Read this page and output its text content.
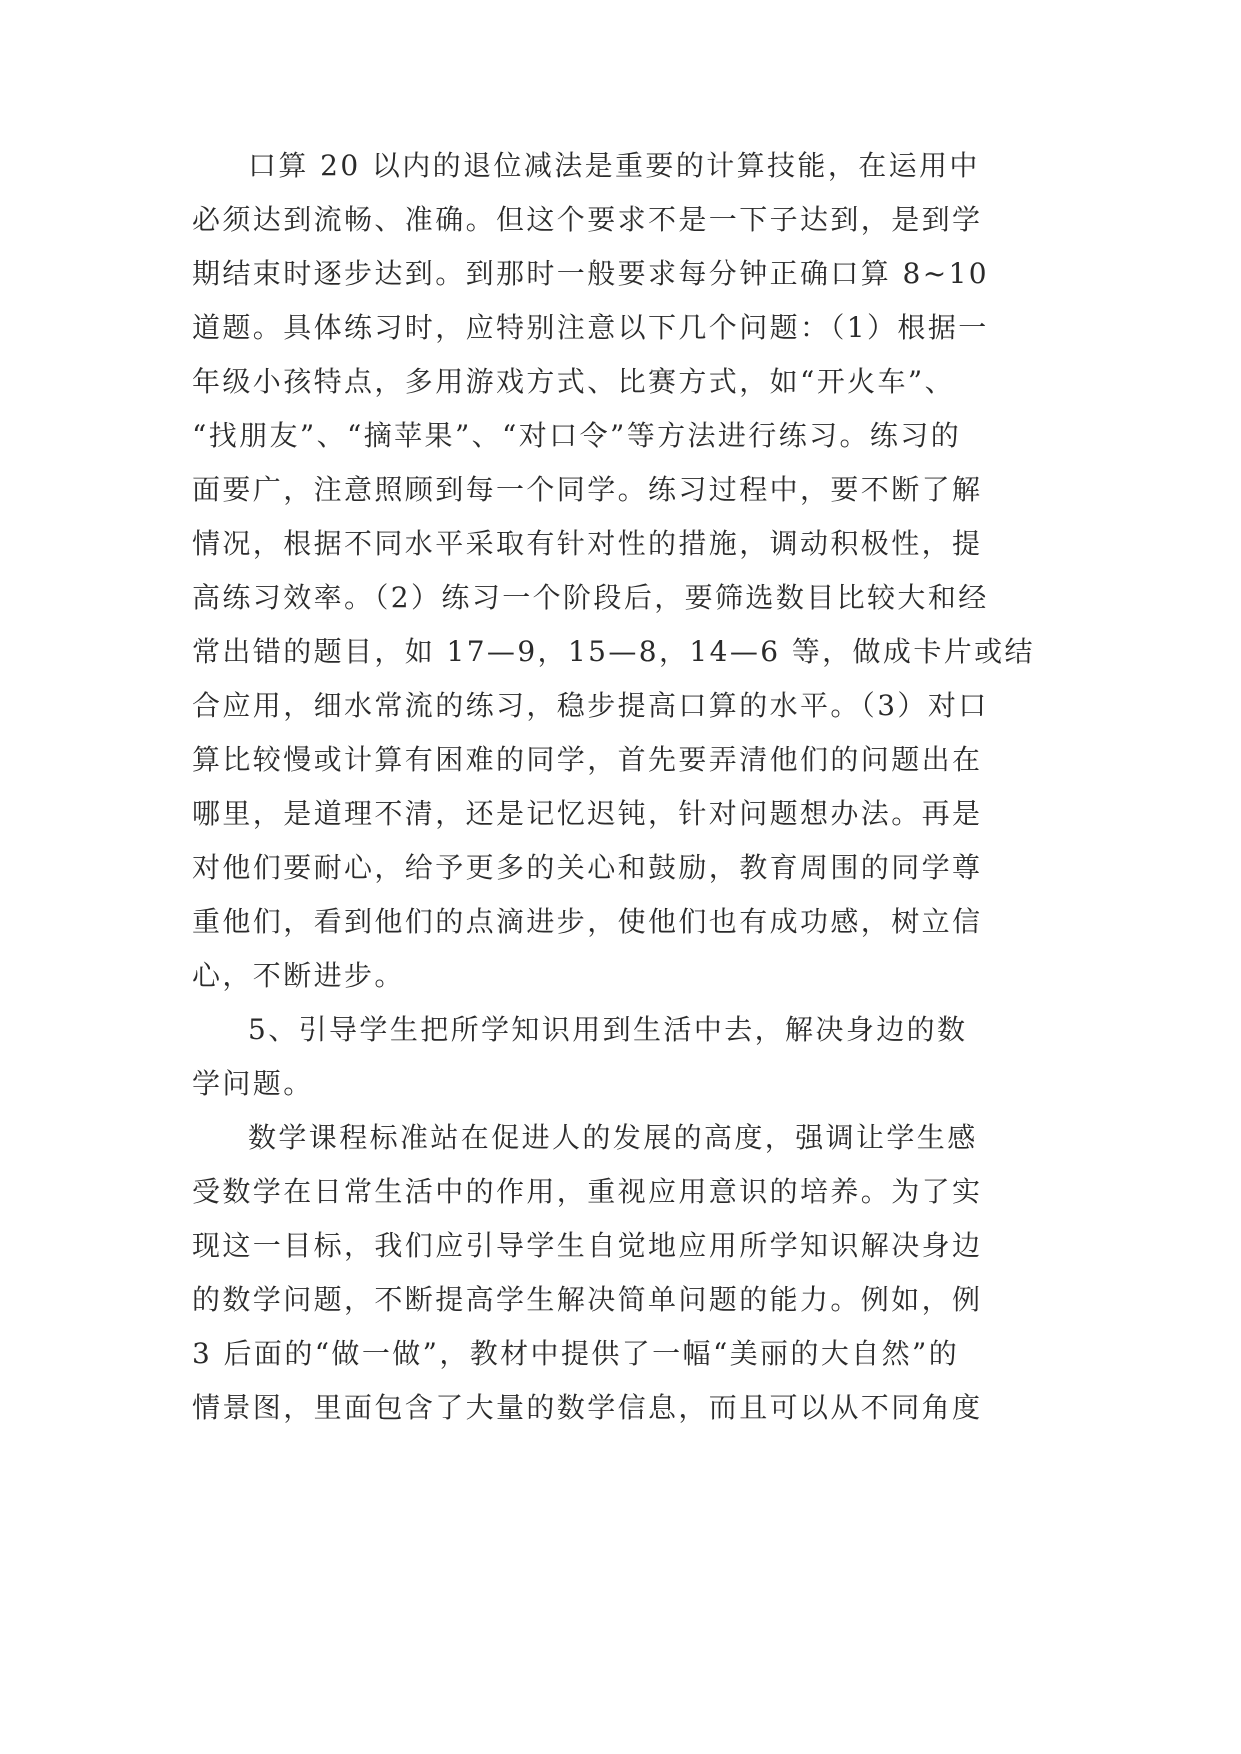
口算 20 以内的退位减法是重要的计算技能，在运用中
必须达到流畅、准确。但这个要求不是一下子达到，是到学
期结束时逐步达到。到那时一般要求每分钟正确口算 8~10
道题。具体练习时，应特别注意以下几个问题：（1）根据一
年级小孩特点，多用游戏方式、比赛方式，如“开火车”、
“找朋友”、“摘苹果”、“对口令”等方法进行练习。练习的
面要广，注意照顾到每一个同学。练习过程中，要不断了解
情况，根据不同水平采取有针对性的措施，调动积极性，提
高练习效率。（2）练习一个阶段后，要筛选数目比较大和经
常出错的题目，如 17—9，15—8，14—6 等，做成卡片或结
合应用，细水常流的练习，稳步提高口算的水平。（3）对口
算比较慢或计算有困难的同学，首先要弄清他们的问题出在
哪里，是道理不清，还是记忆迟钝，针对问题想办法。再是
对他们要耐心，给予更多的关心和鼓励，教育周围的同学尊
重他们，看到他们的点滴进步，使他们也有成功感，树立信
心，不断进步。
5、引导学生把所学知识用到生活中去，解决身边的数
学问题。
数学课程标准站在促进人的发展的高度，强调让学生感
受数学在日常生活中的作用，重视应用意识的培养。为了实
现这一目标，我们应引导学生自觉地应用所学知识解决身边
的数学问题，不断提高学生解决简单问题的能力。例如，例
3 后面的“做一做”，教材中提供了一幅“美丽的大自然”的
情景图，里面包含了大量的数学信息，而且可以从不同角度
